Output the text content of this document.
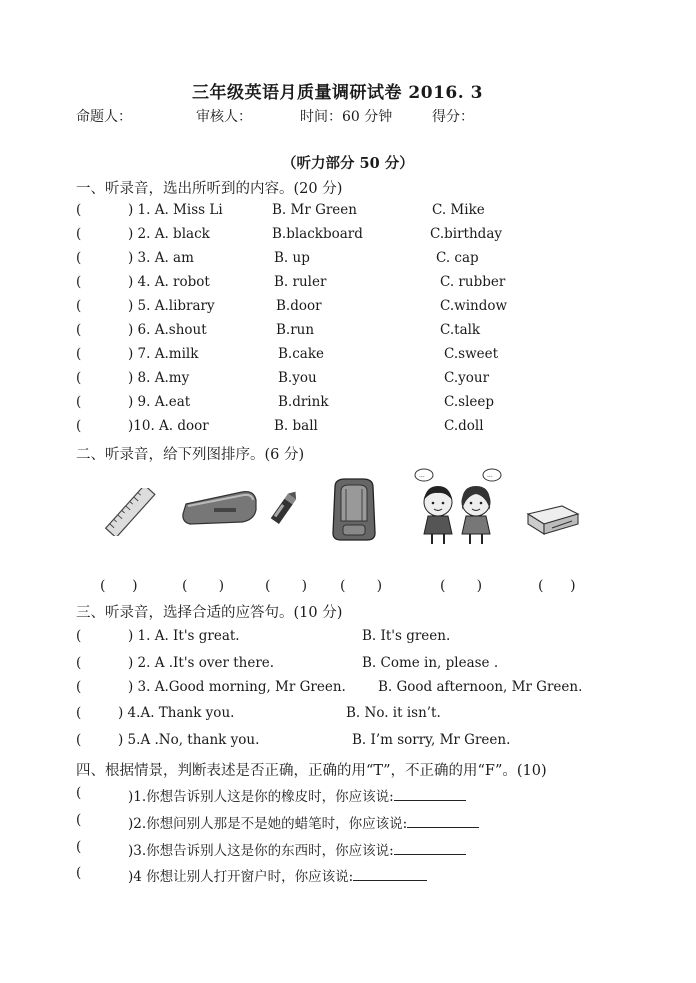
三年级英语月质量调研试卷 2016. 3
命题人：	审核人：	时间：60 分钟	得分：
（听力部分 50 分）
一、听录音，选出所听到的内容。(20 分)
(	) 1. A. Miss Li	B. Mr Green	C. Mike
(	) 2. A. black	B.blackboard	C.birthday
(	) 3. A. am	B. up	C. cap
(	) 4. A. robot	B. ruler	C. rubber
(	) 5. A.library	B.door	C.window
(	) 6. A.shout	B.run	C.talk
(	) 7. A.milk	B.cake	C.sweet
(	) 8. A.my	B.you	C.your
(	) 9. A.eat	B.drink	C.sleep
(	)10. A. door	B. ball	C.doll
二、听录音，给下列图排序。(6 分)
...	...
(      )	(       )	(       ) (       )	(       )	(      )
三、听录音，选择合适的应答句。(10 分)
(	) 1. A. It's great.	B. It's green.
(	) 2. A .It's over there.	B. Come in, please .
(	) 3. A.Good morning, Mr Green. B. Good afternoon, Mr Green.
(	) 4.A. Thank you.	B. No. it isn’t.
(	) 5.A .No, thank you.	B. I’m sorry, Mr Green.
四、根据情景，判断表述是否正确，正确的用“T”，不正确的用“F”。(10)
(	)1.你想告诉别人这是你的橡皮时，你应该说:
(	)2.你想问别人那是不是她的蜡笔时，你应该说:
(	)3.你想告诉别人这是你的东西时，你应该说:
(	)4 你想让别人打开窗户时，你应该说:
